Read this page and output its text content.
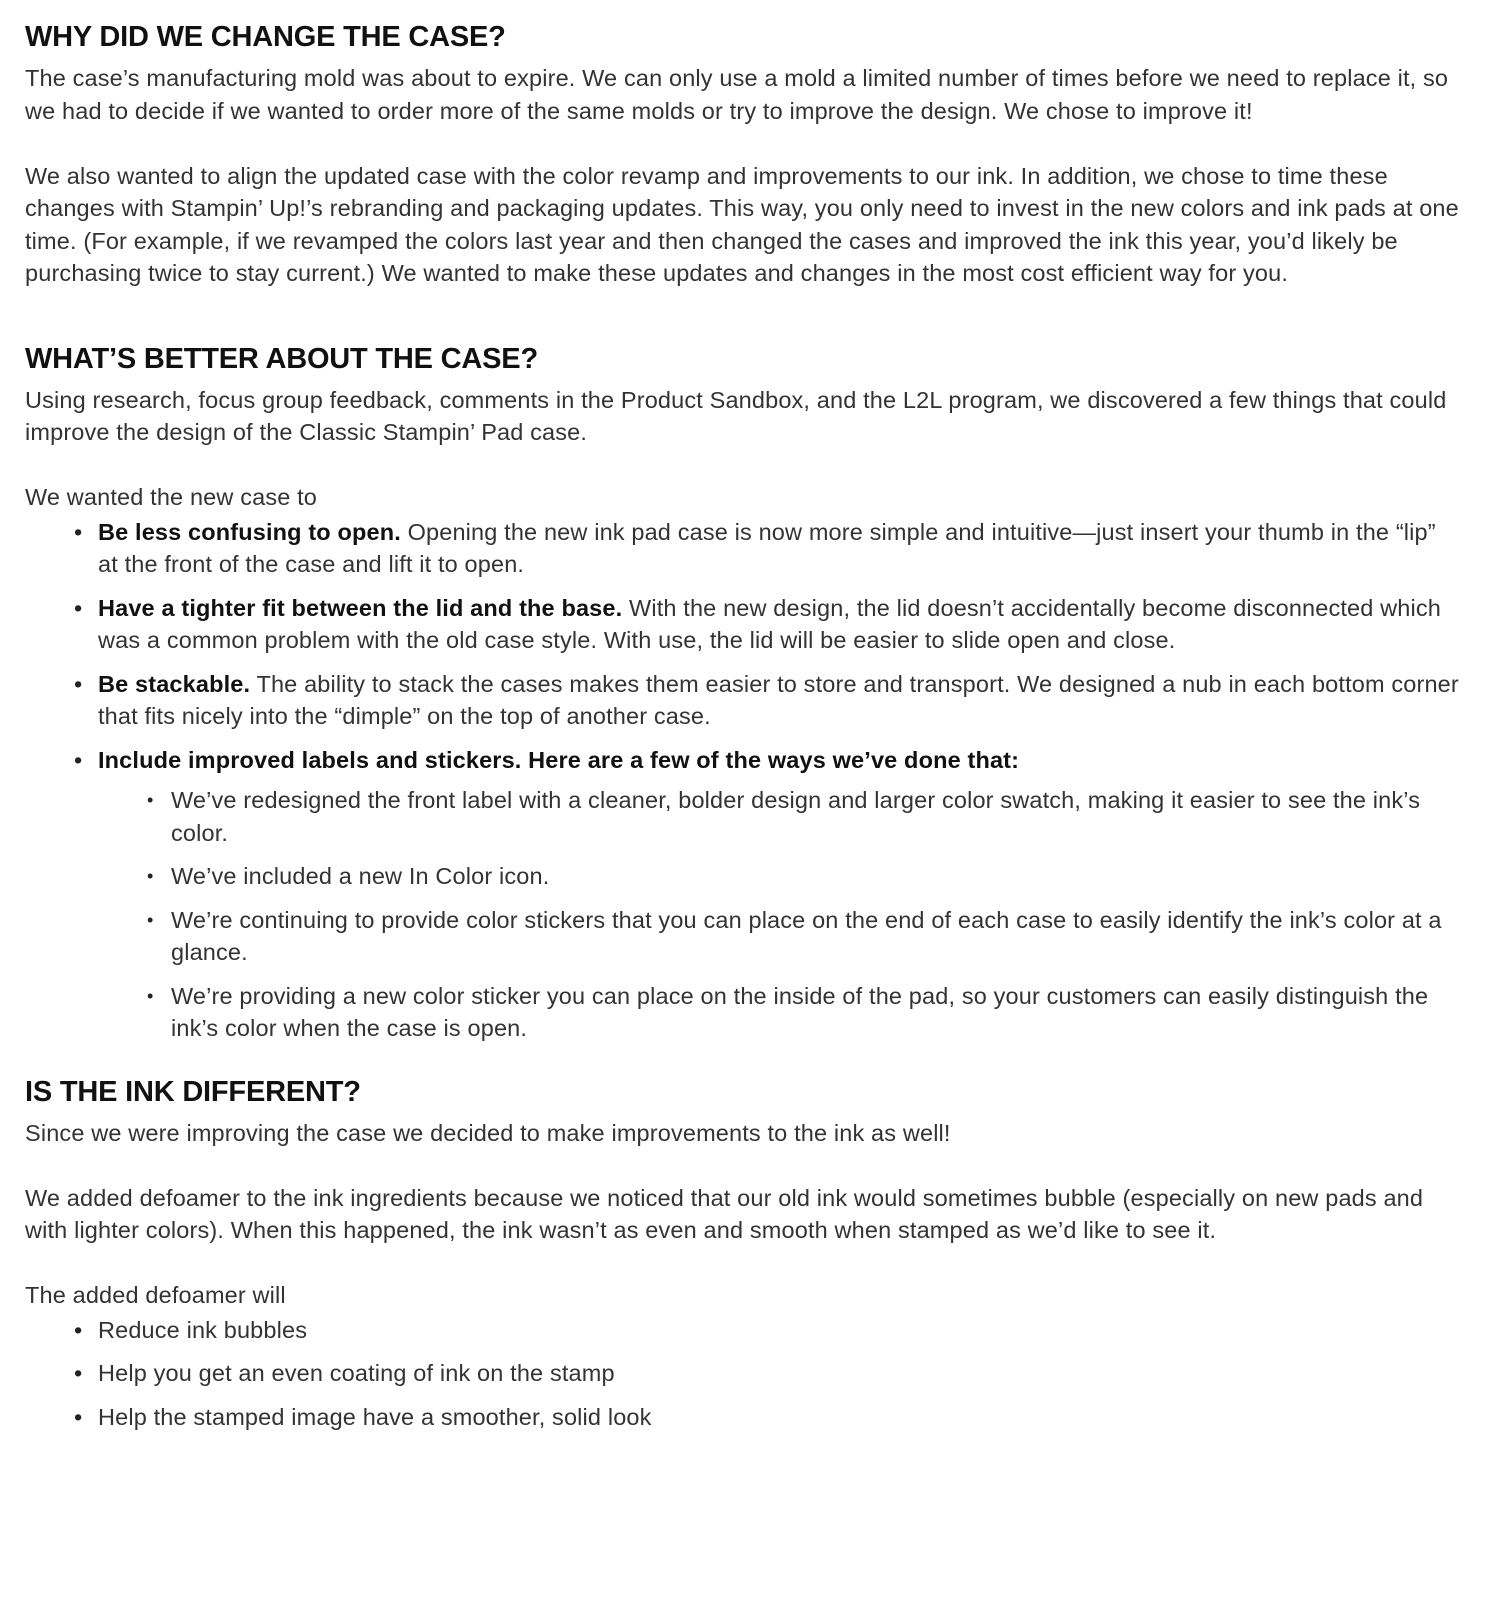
WHY DID WE CHANGE THE CASE?

The case’s manufacturing mold was about to expire. We can only use a mold a limited number of times before we need to replace it, so we had to decide if we wanted to order more of the same molds or try to improve the design. We chose to improve it!

We also wanted to align the updated case with the color revamp and improvements to our ink. In addition, we chose to time these changes with Stampin’ Up!’s rebranding and packaging updates. This way, you only need to invest in the new colors and ink pads at one time. (For example, if we revamped the colors last year and then changed the cases and improved the ink this year, you’d likely be purchasing twice to stay current.) We wanted to make these updates and changes in the most cost efficient way for you.

WHAT’S BETTER ABOUT THE CASE?

Using research, focus group feedback, comments in the Product Sandbox, and the L2L program, we discovered a few things that could improve the design of the Classic Stampin’ Pad case.

We wanted the new case to

• Be less confusing to open. Opening the new ink pad case is now more simple and intuitive—just insert your thumb in the “lip” at the front of the case and lift it to open.
• Have a tighter fit between the lid and the base. With the new design, the lid doesn’t accidentally become disconnected which was a common problem with the old case style. With use, the lid will be easier to slide open and close.
• Be stackable. The ability to stack the cases makes them easier to store and transport. We designed a nub in each bottom corner that fits nicely into the “dimple” on the top of another case.
• Include improved labels and stickers. Here are a few of the ways we’ve done that:
• We’ve redesigned the front label with a cleaner, bolder design and larger color swatch, making it easier to see the ink’s color.
• We’ve included a new In Color icon.
• We’re continuing to provide color stickers that you can place on the end of each case to easily identify the ink’s color at a glance.
• We’re providing a new color sticker you can place on the inside of the pad, so your customers can easily distinguish the ink’s color when the case is open.
IS THE INK DIFFERENT?

Since we were improving the case we decided to make improvements to the ink as well!

We added defoamer to the ink ingredients because we noticed that our old ink would sometimes bubble (especially on new pads and with lighter colors). When this happened, the ink wasn’t as even and smooth when stamped as we’d like to see it.

The added defoamer will

• Reduce ink bubbles
• Help you get an even coating of ink on the stamp
• Help the stamped image have a smoother, solid look
